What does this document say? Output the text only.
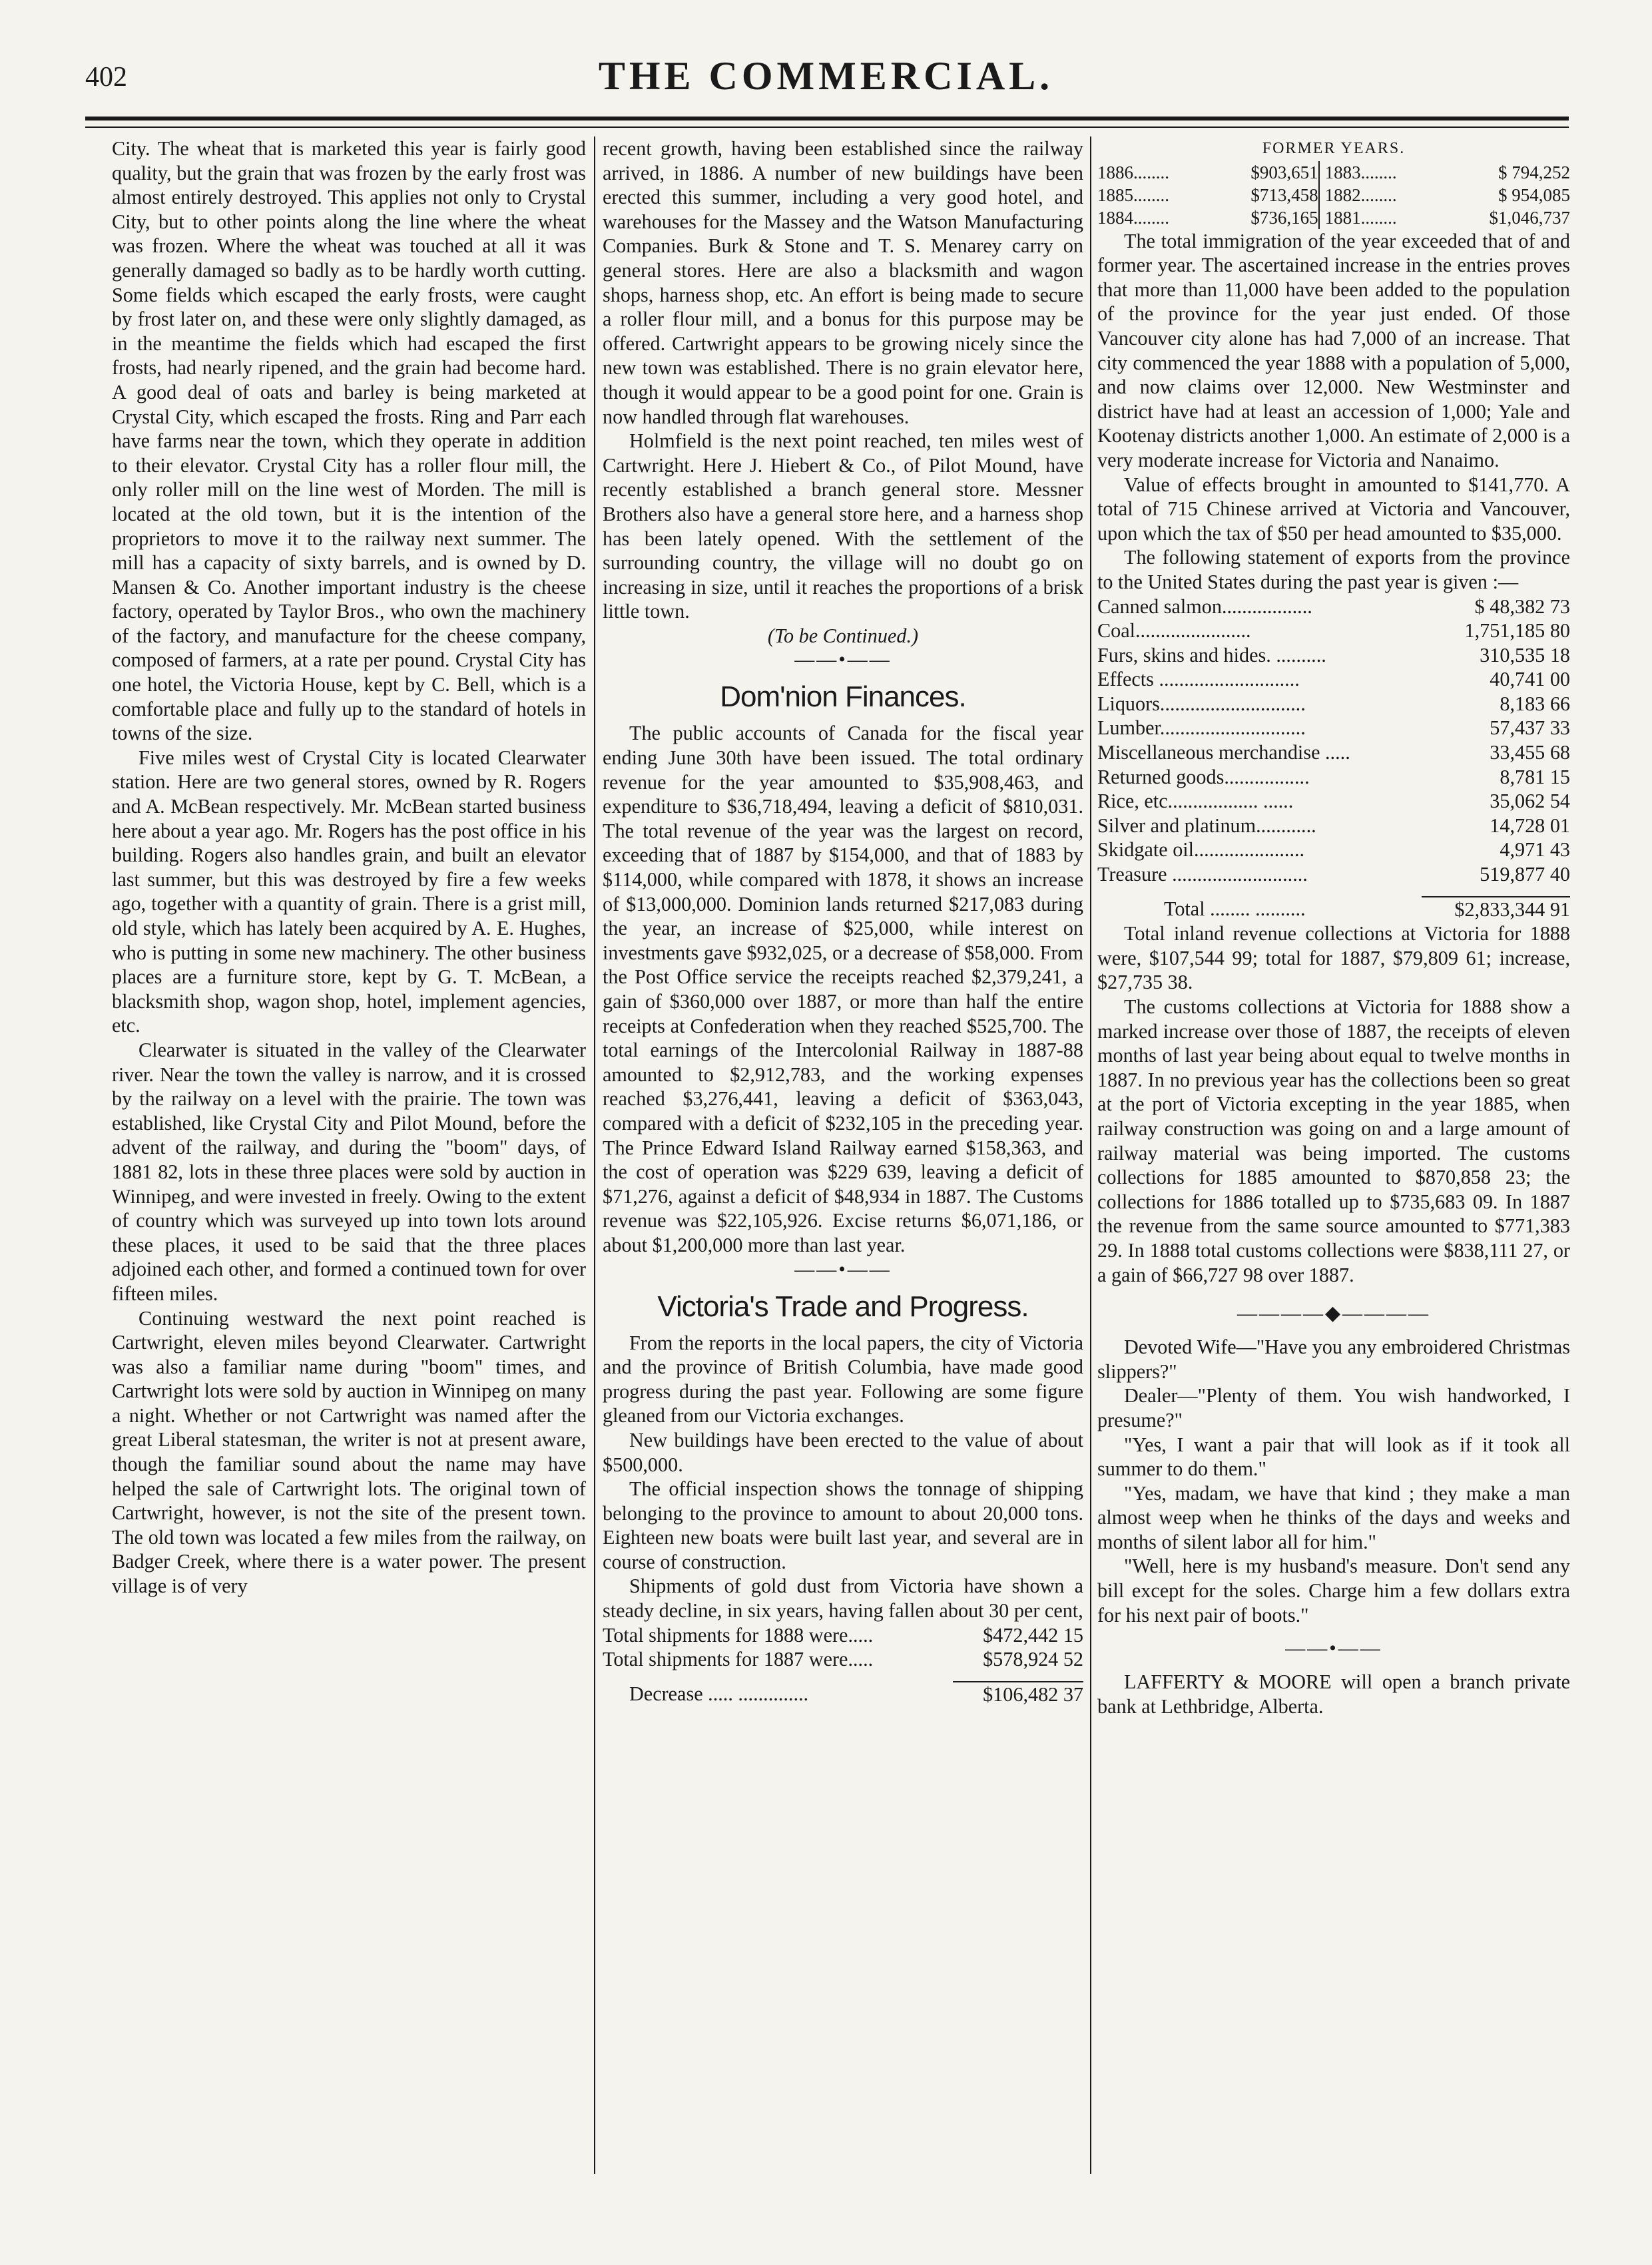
402	THE COMMERCIAL.

City. The wheat that is marketed this year is fairly good quality, but the grain that was frozen by the early frost was almost entirely destroyed. This applies not only to Crystal City, but to other points along the line where the wheat was frozen. Where the wheat was touched at all it was generally damaged so badly as to be hardly worth cutting. Some fields which escaped the early frosts, were caught by frost later on, and these were only slightly damaged, as in the meantime the fields which had escaped the first frosts, had nearly ripened, and the grain had become hard. A good deal of oats and barley is being marketed at Crystal City, which escaped the frosts. Ring and Parr each have farms near the town, which they operate in addition to their elevator. Crystal City has a roller flour mill, the only roller mill on the line west of Morden. The mill is located at the old town, but it is the intention of the proprietors to move it to the railway next summer. The mill has a capacity of sixty barrels, and is owned by D. Mansen & Co. Another important industry is the cheese factory, operated by Taylor Bros., who own the machinery of the factory, and manufacture for the cheese company, composed of farmers, at a rate per pound. Crystal City has one hotel, the Victoria House, kept by C. Bell, which is a comfortable place and fully up to the standard of hotels in towns of the size.

Five miles west of Crystal City is located Clearwater station. Here are two general stores, owned by R. Rogers and A. McBean respectively. Mr. McBean started business here about a year ago. Mr. Rogers has the post office in his building. Rogers also handles grain, and built an elevator last summer, but this was destroyed by fire a few weeks ago, together with a quantity of grain. There is a grist mill, old style, which has lately been acquired by A. E. Hughes, who is putting in some new machinery. The other business places are a furniture store, kept by G. T. McBean, a blacksmith shop, wagon shop, hotel, implement agencies, etc.

Clearwater is situated in the valley of the Clearwater river. Near the town the valley is narrow, and it is crossed by the railway on a level with the prairie. The town was established, like Crystal City and Pilot Mound, before the advent of the railway, and during the "boom" days, of 1881 82, lots in these three places were sold by auction in Winnipeg, and were invested in freely. Owing to the extent of country which was surveyed up into town lots around these places, it used to be said that the three places adjoined each other, and formed a continued town for over fifteen miles.

Continuing westward the next point reached is Cartwright, eleven miles beyond Clearwater. Cartwright was also a familiar name during "boom" times, and Cartwright lots were sold by auction in Winnipeg on many a night. Whether or not Cartwright was named after the great Liberal statesman, the writer is not at present aware, though the familiar sound about the name may have helped the sale of Cartwright lots. The original town of Cartwright, however, is not the site of the present town. The old town was located a few miles from the railway, on Badger Creek, where there is a water power. The present village is of very

recent growth, having been established since the railway arrived, in 1886. A number of new buildings have been erected this summer, including a very good hotel, and warehouses for the Massey and the Watson Manufacturing Companies. Burk & Stone and T. S. Menarey carry on general stores. Here are also a blacksmith and wagon shops, harness shop, etc. An effort is being made to secure a roller flour mill, and a bonus for this purpose may be offered. Cartwright appears to be growing nicely since the new town was established. There is no grain elevator here, though it would appear to be a good point for one. Grain is now handled through flat warehouses.

Holmfield is the next point reached, ten miles west of Cartwright. Here J. Hiebert & Co., of Pilot Mound, have recently established a branch general store. Messner Brothers also have a general store here, and a harness shop has been lately opened. With the settlement of the surrounding country, the village will no doubt go on increasing in size, until it reaches the proportions of a brisk little town.

(To be Continued.)

——•——
Dom'nion Finances.

The public accounts of Canada for the fiscal year ending June 30th have been issued. The total ordinary revenue for the year amounted to $35,908,463, and expenditure to $36,718,494, leaving a deficit of $810,031. The total revenue of the year was the largest on record, exceeding that of 1887 by $154,000, and that of 1883 by $114,000, while compared with 1878, it shows an increase of $13,000,000. Dominion lands returned $217,083 during the year, an increase of $25,000, while interest on investments gave $932,025, or a decrease of $58,000. From the Post Office service the receipts reached $2,379,241, a gain of $360,000 over 1887, or more than half the entire receipts at Confederation when they reached $525,700. The total earnings of the Intercolonial Railway in 1887-88 amounted to $2,912,783, and the working expenses reached $3,276,441, leaving a deficit of $363,043, compared with a deficit of $232,105 in the preceding year. The Prince Edward Island Railway earned $158,363, and the cost of operation was $229 639, leaving a deficit of $71,276, against a deficit of $48,934 in 1887. The Customs revenue was $22,105,926. Excise returns $6,071,186, or about $1,200,000 more than last year.

——•——
Victoria's Trade and Progress.

From the reports in the local papers, the city of Victoria and the province of British Columbia, have made good progress during the past year. Following are some figure gleaned from our Victoria exchanges.

New buildings have been erected to the value of about $500,000.

The official inspection shows the tonnage of shipping belonging to the province to amount to about 20,000 tons. Eighteen new boats were built last year, and several are in course of construction.

Shipments of gold dust from Victoria have shown a steady decline, in six years, having fallen about 30 per cent,

Total shipments for 1888 were.....	$472,442 15
Total shipments for 1887 were.....	$578,924 52

Decrease ..... ..............	$106,482 37
FORMER YEARS.
1886........	$903,651	1883........	$ 794,252
1885........	$713,458	1882........	$ 954,085
1884........	$736,165	1881........	$1,046,737

The total immigration of the year exceeded that of and former year. The ascertained increase in the entries proves that more than 11,000 have been added to the population of the province for the year just ended. Of those Vancouver city alone has had 7,000 of an increase. That city commenced the year 1888 with a population of 5,000, and now claims over 12,000. New Westminster and district have had at least an accession of 1,000; Yale and Kootenay districts another 1,000. An estimate of 2,000 is a very moderate increase for Victoria and Nanaimo.

Value of effects brought in amounted to $141,770. A total of 715 Chinese arrived at Victoria and Vancouver, upon which the tax of $50 per head amounted to $35,000.

The following statement of exports from the province to the United States during the past year is given :—

Canned salmon..................	$ 48,382 73
Coal.......................	1,751,185 80
Furs, skins and hides. ..........	310,535 18
Effects ............................	40,741 00
Liquors.............................	8,183 66
Lumber.............................	57,437 33
Miscellaneous merchandise .....	33,455 68
Returned goods.................	8,781 15
Rice, etc.................. ......	35,062 54
Silver and platinum............	14,728 01
Skidgate oil......................	4,971 43
Treasure ...........................	519,877 40

Total ........ ..........	$2,833,344 91

Total inland revenue collections at Victoria for 1888 were, $107,544 99; total for 1887, $79,809 61; increase, $27,735 38.

The customs collections at Victoria for 1888 show a marked increase over those of 1887, the receipts of eleven months of last year being about equal to twelve months in 1887. In no previous year has the collections been so great at the port of Victoria excepting in the year 1885, when railway construction was going on and a large amount of railway material was being imported. The customs collections for 1885 amounted to $870,858 23; the collections for 1886 totalled up to $735,683 09. In 1887 the revenue from the same source amounted to $771,383 29. In 1888 total customs collections were $838,111 27, or a gain of $66,727 98 over 1887.

————◆————

Devoted Wife—"Have you any embroidered Christmas slippers?"

Dealer—"Plenty of them. You wish handworked, I presume?"

"Yes, I want a pair that will look as if it took all summer to do them."

"Yes, madam, we have that kind ; they make a man almost weep when he thinks of the days and weeks and months of silent labor all for him."

"Well, here is my husband's measure. Don't send any bill except for the soles. Charge him a few dollars extra for his next pair of boots."

——•——

LAFFERTY & MOORE will open a branch private bank at Lethbridge, Alberta.
